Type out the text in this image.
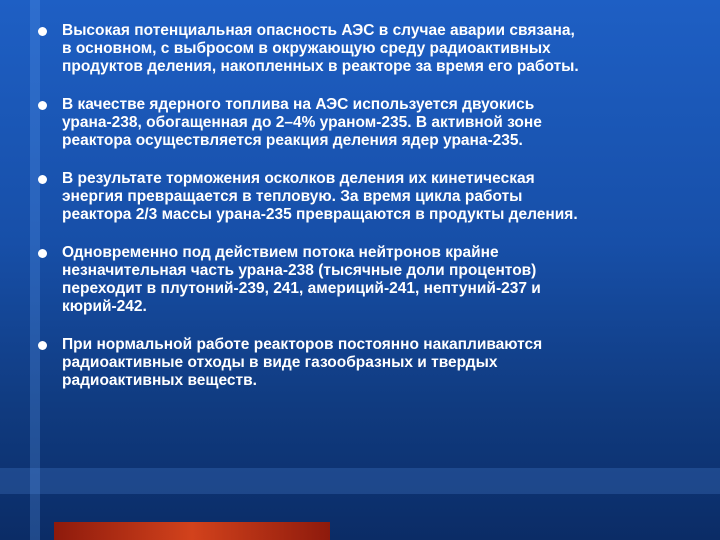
Высокая потенциальная опасность АЭС в случае аварии связана,
в основном, с выбросом в окружающую среду радиоактивных
продуктов деления, накопленных в реакторе за время его работы.
В качестве ядерного топлива на АЭС используется двуокись
урана-238, обогащенная до 2–4% ураном-235. В активной зоне
реактора осуществляется реакция деления ядер урана-235.
В результате торможения осколков деления их кинетическая
энергия превращается в тепловую. За время цикла работы
реактора 2/3 массы урана-235 превращаются в продукты деления.
Одновременно под действием потока нейтронов крайне
незначительная часть урана-238 (тысячные доли процентов)
переходит в плутоний-239, 241, америций-241, нептуний-237 и
кюрий-242.
При нормальной работе реакторов постоянно накапливаются
радиоактивные отходы в виде газообразных и твердых
радиоактивных веществ.
